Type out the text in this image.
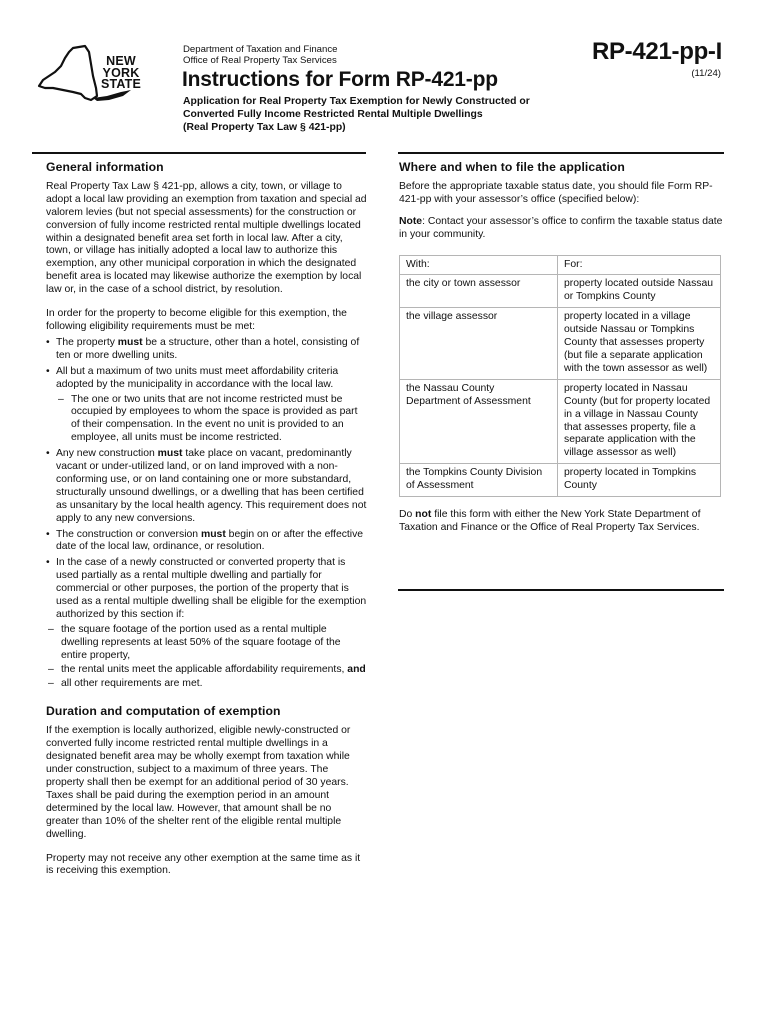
NEW
YORK
STATE
Department of Taxation and Finance
Office of Real Property Tax Services
Instructions for Form RP-421-pp
Application for Real Property Tax Exemption for Newly Constructed or
Converted Fully Income Restricted Rental Multiple Dwellings
(Real Property Tax Law § 421-pp)
RP-421-pp-I
(11/24)
General information

Real Property Tax Law § 421-pp, allows a city, town, or village to adopt a local law providing an exemption from taxation and special ad valorem levies (but not special assessments) for the construction or conversion of fully income restricted rental multiple dwellings located within a designated benefit area set forth in local law. After a city, town, or village has initially adopted a local law to authorize this exemption, any other municipal corporation in which the designated benefit area is located may likewise authorize the exemption by local law or, in the case of a school district, by resolution.

In order for the property to become eligible for this exemption, the following eligibility requirements must be met:

• The property must be a structure, other than a hotel, consisting of ten or more dwelling units.
• All but a maximum of two units must meet affordability criteria adopted by the municipality in accordance with the local law.
– The one or two units that are not income restricted must be occupied by employees to whom the space is provided as part of their compensation. In the event no unit is provided to an employee, all units must be income restricted.
• Any new construction must take place on vacant, predominantly vacant or under-utilized land, or on land improved with a non-conforming use, or on land containing one or more substandard, structurally unsound dwellings, or a dwelling that has been certified as unsanitary by the local health agency. This requirement does not apply to any new conversions.
• The construction or conversion must begin on or after the effective date of the local law, ordinance, or resolution.
• In the case of a newly constructed or converted property that is used partially as a rental multiple dwelling and partially for commercial or other purposes, the portion of the property that is used as a rental multiple dwelling shall be eligible for the exemption authorized by this section if:
– the square footage of the portion used as a rental multiple dwelling represents at least 50% of the square footage of the entire property,
– the rental units meet the applicable affordability requirements, and
– all other requirements are met.
Duration and computation of exemption

If the exemption is locally authorized, eligible newly-constructed or converted fully income restricted rental multiple dwellings in a designated benefit area may be wholly exempt from taxation while under construction, subject to a maximum of three years. The property shall then be exempt for an additional period of 30 years. Taxes shall be paid during the exemption period in an amount determined by the local law. However, that amount shall be no greater than 10% of the shelter rent of the eligible rental multiple dwelling.

Property may not receive any other exemption at the same time as it is receiving this exemption.

Where and when to file the application

Before the appropriate taxable status date, you should file Form RP-421-pp with your assessor’s office (specified below):

Note: Contact your assessor’s office to confirm the taxable status date in your community.

With:	For:
the city or town assessor	property located outside Nassau or Tompkins County
the village assessor	property located in a village outside Nassau or Tompkins County that assesses property (but file a separate application with the town assessor as well)
the Nassau County Department of Assessment	property located in Nassau County (but for property located in a village in Nassau County that assesses property, file a separate application with the village assessor as well)
the Tompkins County Division of Assessment	property located in Tompkins County

Do not file this form with either the New York State Department of Taxation and Finance or the Office of Real Property Tax Services.
